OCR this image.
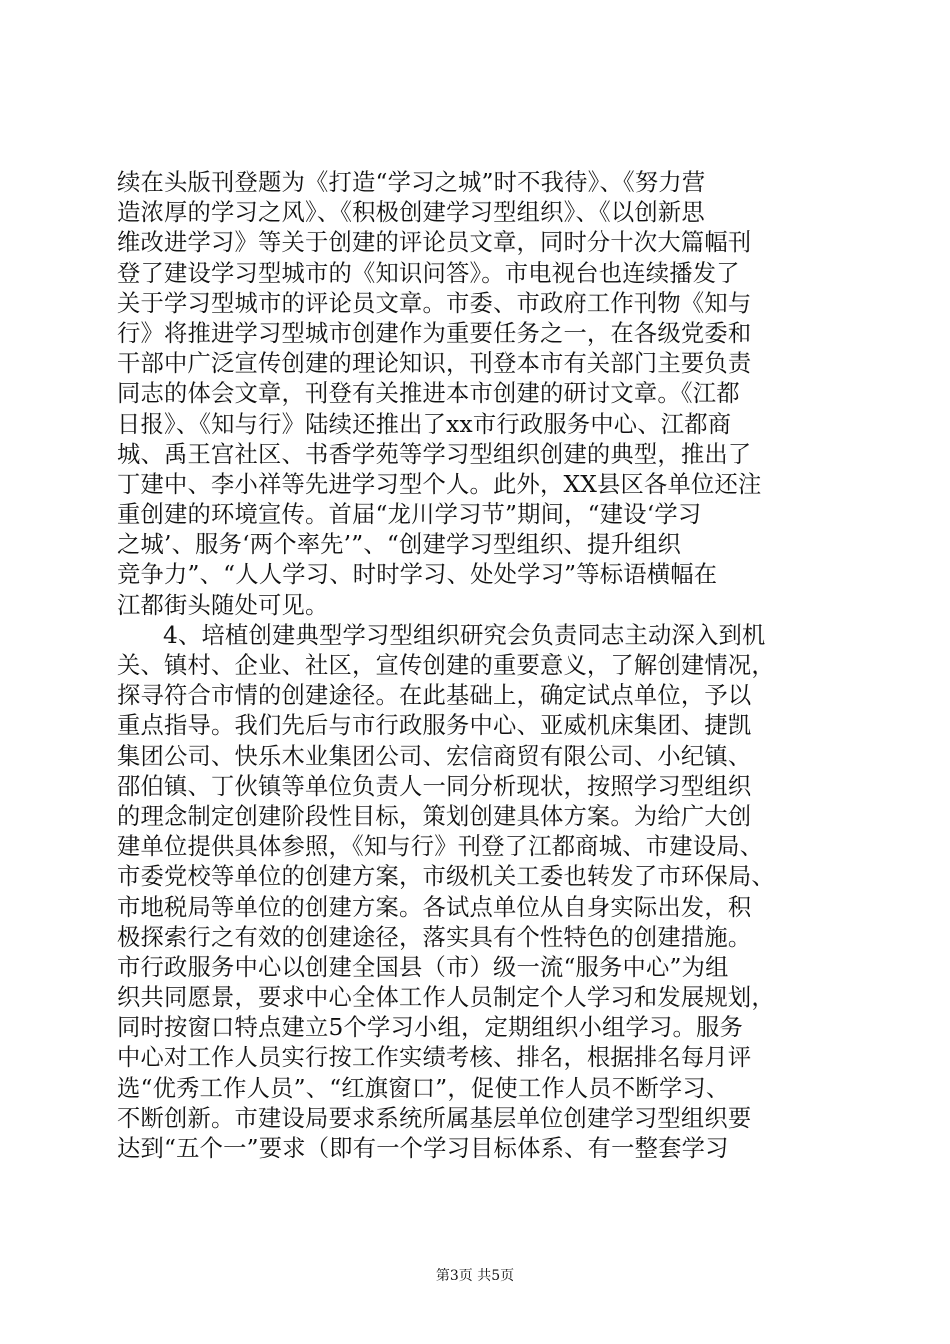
续在头版刊登题为《打造“学习之城”时不我待》、《努力营
造浓厚的学习之风》、《积极创建学习型组织》、《以创新思
维改进学习》等关于创建的评论员文章，同时分十次大篇幅刊
登了建设学习型城市的《知识问答》。市电视台也连续播发了
关于学习型城市的评论员文章。市委、市政府工作刊物《知与
行》将推进学习型城市创建作为重要任务之一，在各级党委和
干部中广泛宣传创建的理论知识，刊登本市有关部门主要负责
同志的体会文章，刊登有关推进本市创建的研讨文章。《江都
日报》、《知与行》陆续还推出了xx市行政服务中心、江都商
城、禹王宫社区、书香学苑等学习型组织创建的典型，推出了
丁建中、李小祥等先进学习型个人。此外，XX县区各单位还注
重创建的环境宣传。首届“龙川学习节”期间，“建设‘学习
之城’、服务‘两个率先’”、“创建学习型组织、提升组织
竞争力”、“人人学习、时时学习、处处学习”等标语横幅在
江都街头随处可见。
4、培植创建典型学习型组织研究会负责同志主动深入到机
关、镇村、企业、社区，宣传创建的重要意义，了解创建情况，
探寻符合市情的创建途径。在此基础上，确定试点单位，予以
重点指导。我们先后与市行政服务中心、亚威机床集团、捷凯
集团公司、快乐木业集团公司、宏信商贸有限公司、小纪镇、
邵伯镇、丁伙镇等单位负责人一同分析现状，按照学习型组织
的理念制定创建阶段性目标，策划创建具体方案。为给广大创
建单位提供具体参照，《知与行》刊登了江都商城、市建设局、
市委党校等单位的创建方案，市级机关工委也转发了市环保局、
市地税局等单位的创建方案。各试点单位从自身实际出发，积
极探索行之有效的创建途径，落实具有个性特色的创建措施。
市行政服务中心以创建全国县（市）级一流“服务中心”为组
织共同愿景，要求中心全体工作人员制定个人学习和发展规划，
同时按窗口特点建立5个学习小组，定期组织小组学习。服务
中心对工作人员实行按工作实绩考核、排名，根据排名每月评
选“优秀工作人员”、“红旗窗口”，促使工作人员不断学习、
不断创新。市建设局要求系统所属基层单位创建学习型组织要
达到“五个一”要求（即有一个学习目标体系、有一整套学习
第3页 共5页
